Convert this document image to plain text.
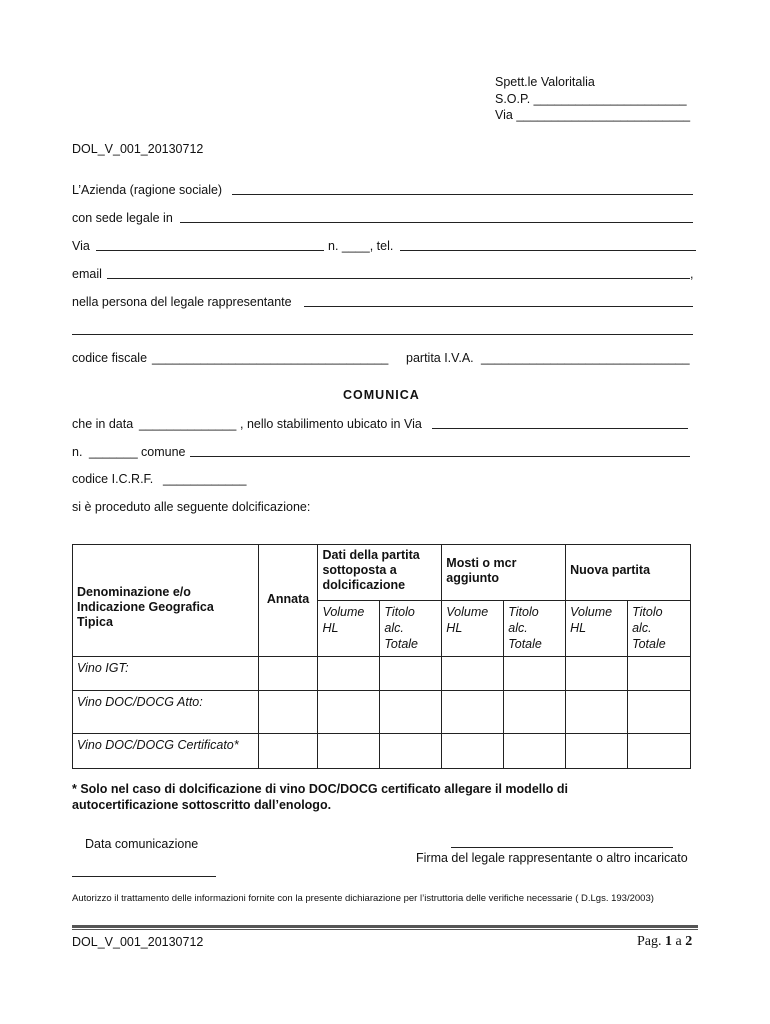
Spett.le Valoritalia
S.O.P. ______________________
Via _________________________
DOL_V_001_20130712
L’Azienda (ragione sociale)
con sede legale in
Via	n. ____, tel.
email	,
nella persona del legale rappresentante
codice fiscale __________________________________ partita I.V.A. ______________________________
COMUNICA
che in data ______________ , nello stabilimento ubicato in Via
n. _______ comune
codice I.C.R.F. ____________
si è proceduto alle seguente dolcificazione:
Denominazione e/o Indicazione Geografica Tipica	Annata	Dati della partita sottoposta a dolcificazione		Mosti o mcr aggiunto		Nuova partita	

		Volume HL	Titolo alc. Totale	Volume HL	Titolo alc. Totale	Volume HL	Titolo alc. Totale

Vino IGT:							
Vino DOC/DOCG Atto:							
Vino DOC/DOCG Certificato*							
* Solo nel caso di dolcificazione di vino DOC/DOCG certificato allegare il modello di autocertificazione sottoscritto dall’enologo.
Data comunicazione
Firma del legale rappresentante o altro incaricato
Autorizzo il trattamento delle informazioni fornite con la presente dichiarazione per l’istruttoria delle verifiche necessarie ( D.Lgs. 193/2003)
DOL_V_001_20130712	Pag. 1 a 2
